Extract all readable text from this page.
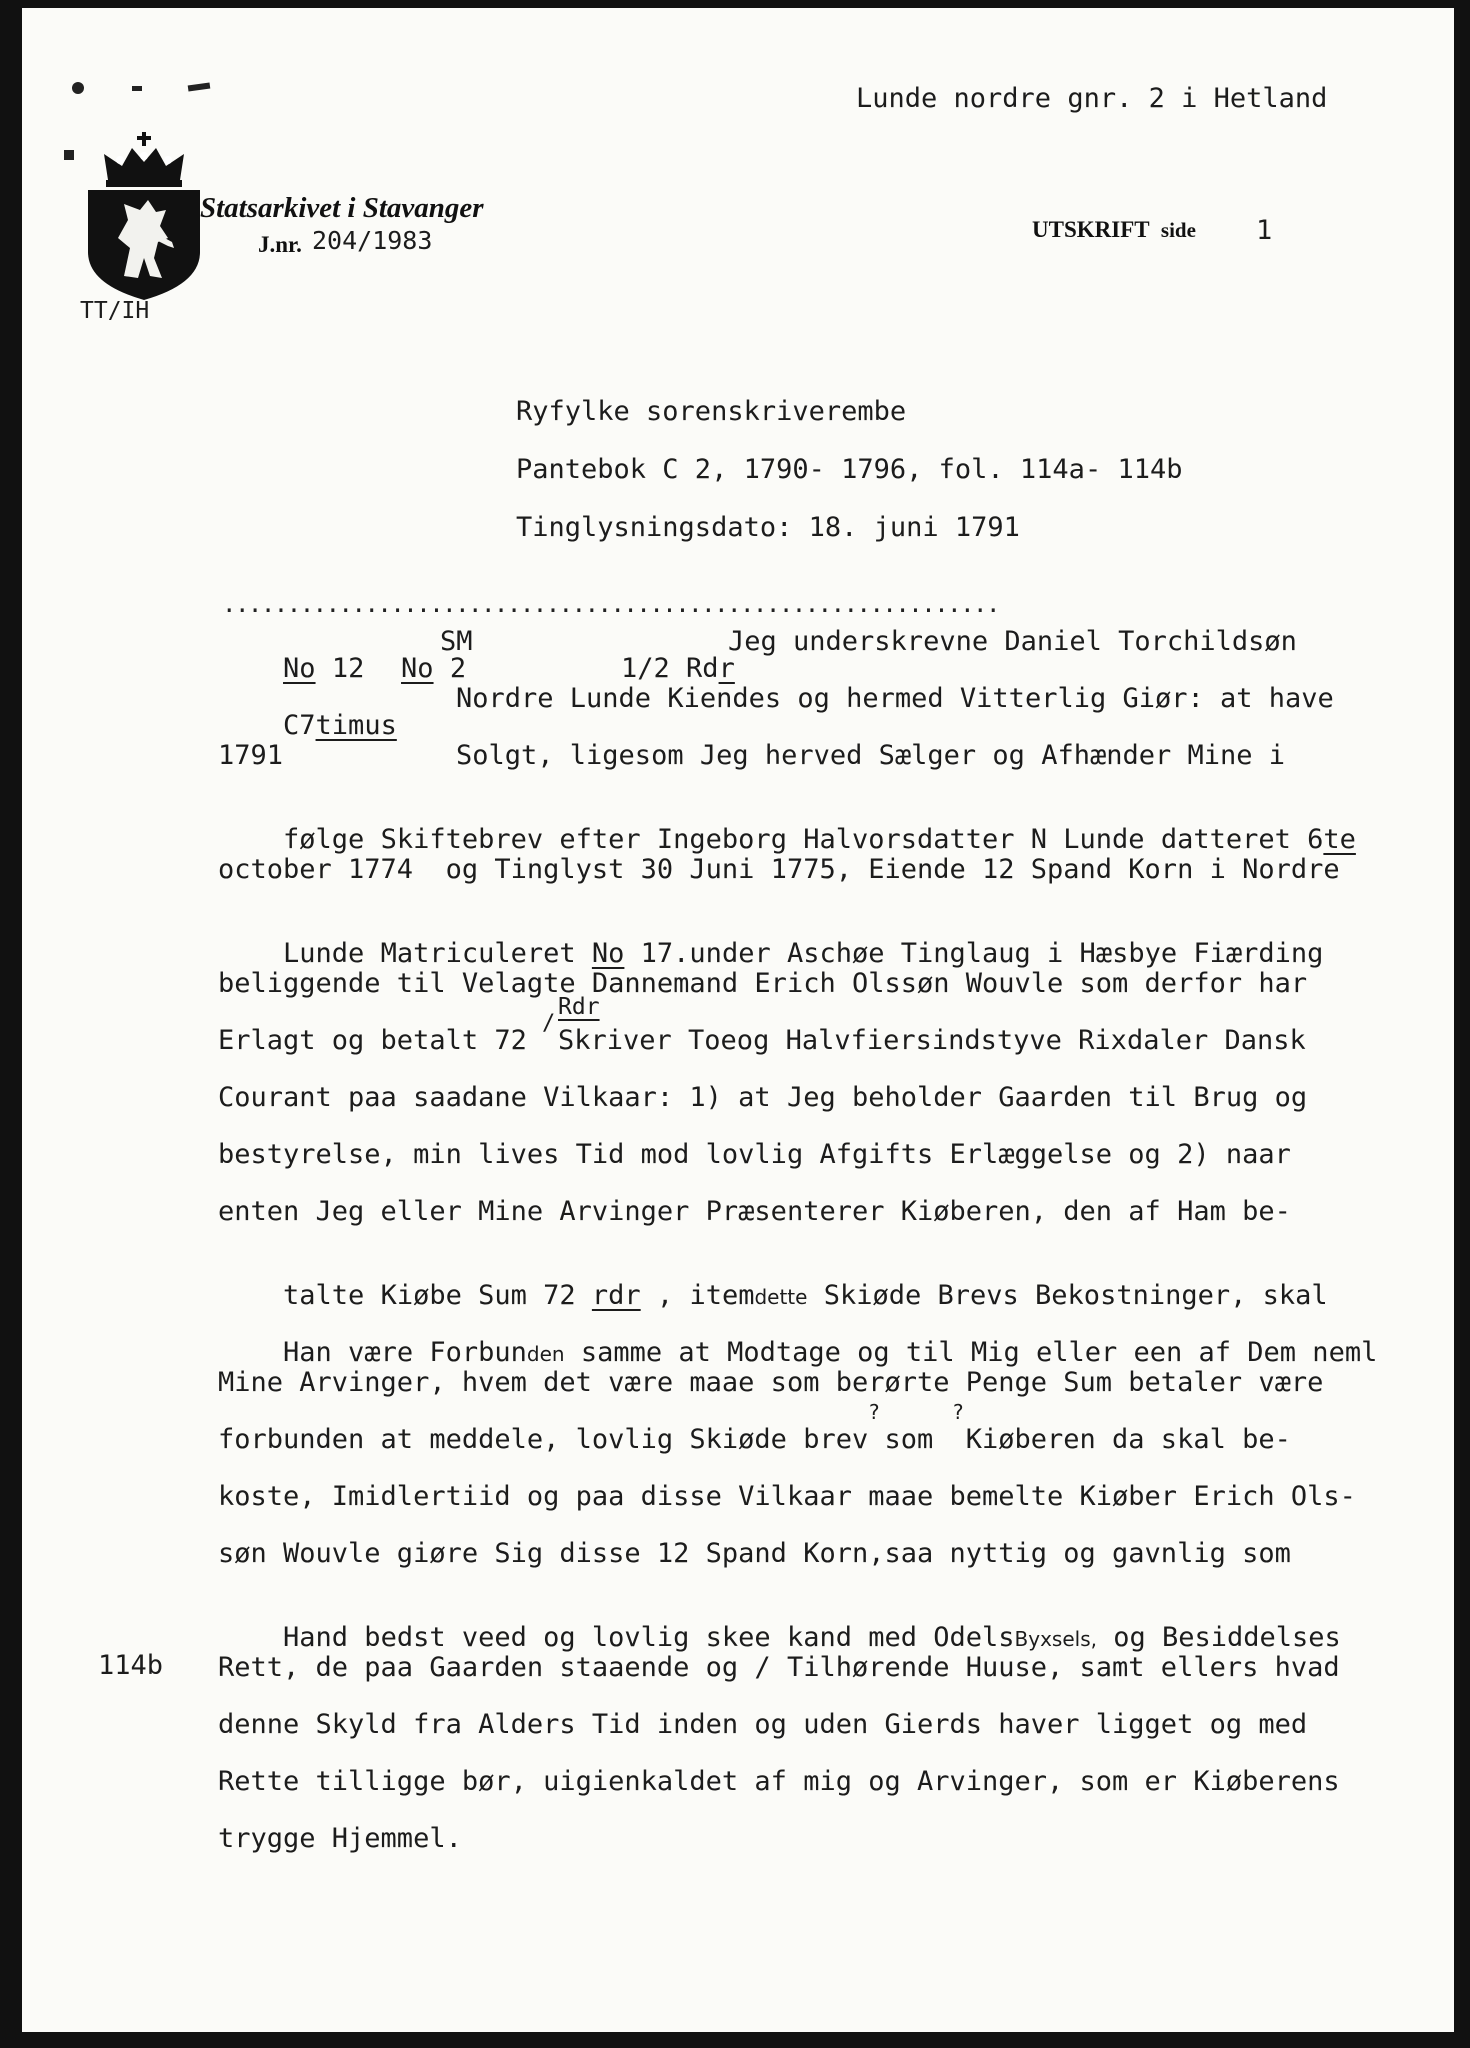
Lunde nordre gnr. 2 i Hetland
TT/IH
Statsarkivet i Stavanger
J.nr. 204/1983	UTSKRIFT side 1
Ryfylke sorenskriverembe
Pantebok C 2, 1790- 1796, fol. 114a- 114b
Tinglysningsdato: 18. juni 1791
............................................................

No 12
	No 2

SM

1/2 Rdr

C7timus

1791
114b
Jeg underskrevne Daniel Torchildsøn
Nordre Lunde Kiendes og hermed Vitterlig Giør: at have
Solgt, ligesom Jeg herved Sælger og Afhænder Mine i

følge Skiftebrev efter Ingeborg Halvorsdatter N Lunde datteret 6te

october 1774  og Tinglyst 30 Juni 1775, Eiende 12 Spand Korn i Nordre

Lunde Matriculeret No 17.under Aschøe Tinglaug i Hæsbye Fiærding

beliggende til Velagte Dannemand Erich Olssøn Wouvle som derfor har
Rdr
/
Erlagt og betalt 72 Skriver Toeog Halvfiersindstyve Rixdaler Dansk
Courant paa saadane Vilkaar: 1) at Jeg beholder Gaarden til Brug og
bestyrelse, min lives Tid mod lovlig Afgifts Erlæggelse og 2) naar
enten Jeg eller Mine Arvinger Præsenterer Kiøberen, den af Ham be-

talte Kiøbe Sum 72 rdr , itemdette Skiøde Brevs Bekostninger, skal

Han være Forbunden samme at Modtage og til Mig eller een af Dem neml

Mine Arvinger, hvem det være maae som berørte Penge Sum betaler være
?	?
forbunden at meddele, lovlig Skiøde brev som  Kiøberen da skal be-
koste, Imidlertiid og paa disse Vilkaar maae bemelte Kiøber Erich Ols-
søn Wouvle giøre Sig disse 12 Spand Korn,saa nyttig og gavnlig som

Hand bedst veed og lovlig skee kand med OdelsByxsels, og Besiddelses

Rett, de paa Gaarden staaende og / Tilhørende Huuse, samt ellers hvad
denne Skyld fra Alders Tid inden og uden Gierds haver ligget og med
Rette tilligge bør, uigienkaldet af mig og Arvinger, som er Kiøberens
trygge Hjemmel.
